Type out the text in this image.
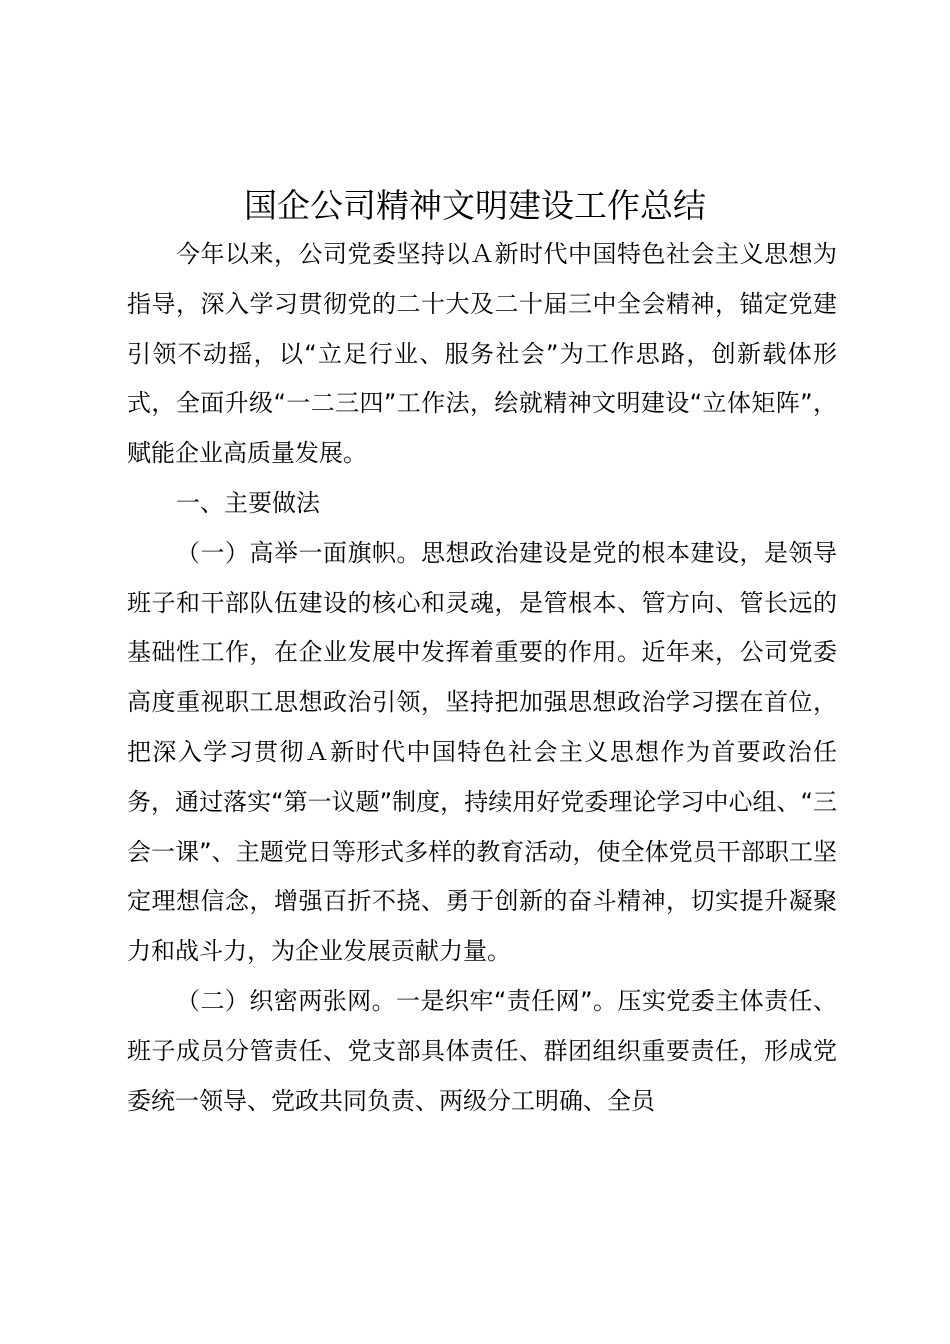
国企公司精神文明建设工作总结

今年以来，公司党委坚持以Ａ新时代中国特色社会主义思想为指导，深入学习贯彻党的二十大及二十届三中全会精神，锚定党建引领不动摇，以“立足行业、服务社会”为工作思路，创新载体形式，全面升级“一二三四”工作法，绘就精神文明建设“立体矩阵”，赋能企业高质量发展。

一、主要做法

（一）高举一面旗帜。思想政治建设是党的根本建设，是领导班子和干部队伍建设的核心和灵魂，是管根本、管方向、管长远的基础性工作，在企业发展中发挥着重要的作用。近年来，公司党委高度重视职工思想政治引领，坚持把加强思想政治学习摆在首位，把深入学习贯彻Ａ新时代中国特色社会主义思想作为首要政治任务，通过落实“第一议题”制度，持续用好党委理论学习中心组、“三会一课”、主题党日等形式多样的教育活动，使全体党员干部职工坚定理想信念，增强百折不挠、勇于创新的奋斗精神，切实提升凝聚力和战斗力，为企业发展贡献力量。

（二）织密两张网。一是织牢“责任网”。压实党委主体责任、班子成员分管责任、党支部具体责任、群团组织重要责任，形成党委统一领导、党政共同负责、两级分工明确、全员
